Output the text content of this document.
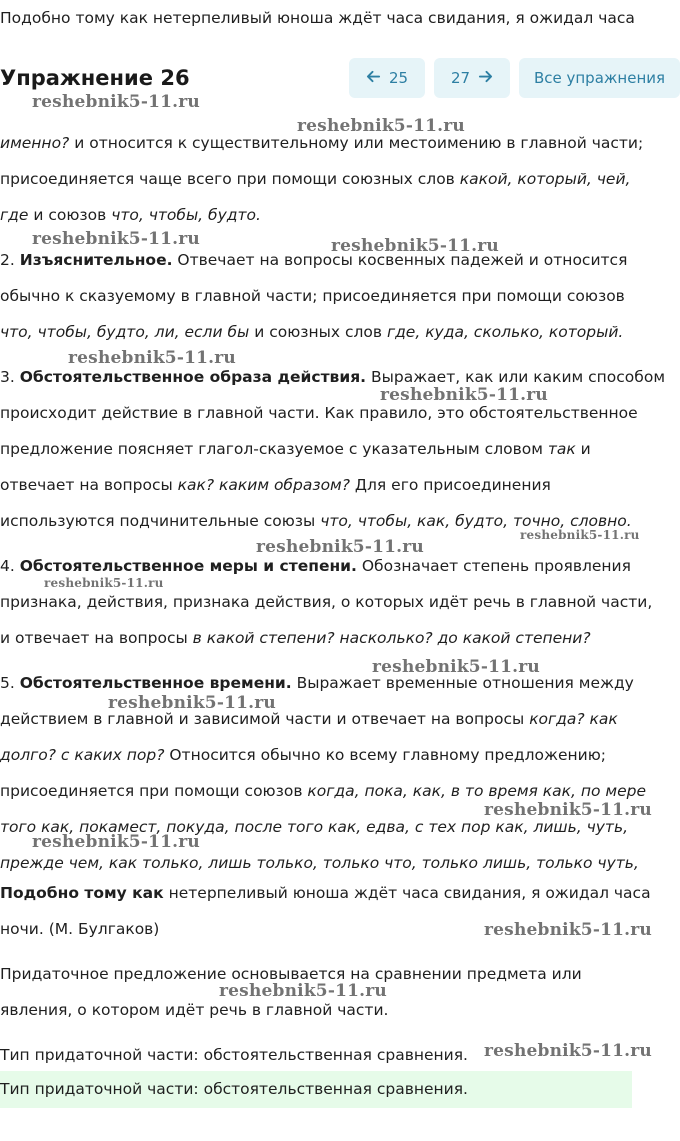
Подобно тому как нетерпеливый юноша ждёт часа свидания, я ожидал часа
Упражнение 26	25	27	Все упражнения
именно? и относится к существительному или местоимению в главной части;
присоединяется чаще всего при помощи союзных слов какой, который, чей,
где и союзов что, чтобы, будто.
2. Изъяснительное. Отвечает на вопросы косвенных падежей и относится
обычно к сказуемому в главной части; присоединяется при помощи союзов
что, чтобы, будто, ли, если бы и союзных слов где, куда, сколько, который.
3. Обстоятельственное образа действия. Выражает, как или каким способом
происходит действие в главной части. Как правило, это обстоятельственное
предложение поясняет глагол-сказуемое с указательным словом так и
отвечает на вопросы как? каким образом? Для его присоединения
используются подчинительные союзы что, чтобы, как, будто, точно, словно.
4. Обстоятельственное меры и степени. Обозначает степень проявления
признака, действия, признака действия, о которых идёт речь в главной части,
и отвечает на вопросы в какой степени? насколько? до какой степени?
5. Обстоятельственное времени. Выражает временные отношения между
действием в главной и зависимой части и отвечает на вопросы когда? как
долго? с каких пор? Относится обычно ко всему главному предложению;
присоединяется при помощи союзов когда, пока, как, в то время как, по мере
того как, покамест, покуда, после того как, едва, с тех пор как, лишь, чуть,
прежде чем, как только, лишь только, только что, только лишь, только чуть,
Подобно тому как нетерпеливый юноша ждёт часа свидания, я ожидал часа
ночи. (М. Булгаков)
Придаточное предложение основывается на сравнении предмета или
явления, о котором идёт речь в главной части.
Тип придаточной части: обстоятельственная сравнения.
Тип придаточной части: обстоятельственная сравнения.
reshebnik5-11.ru
reshebnik5-11.ru
reshebnik5-11.ru	reshebnik5-11.ru
reshebnik5-11.ru
reshebnik5-11.ru
reshebnik5-11.ru
reshebnik5-11.ru
reshebnik5-11.ru
reshebnik5-11.ru
reshebnik5-11.ru
reshebnik5-11.ru
reshebnik5-11.ru
reshebnik5-11.ru
reshebnik5-11.ru
reshebnik5-11.ru
